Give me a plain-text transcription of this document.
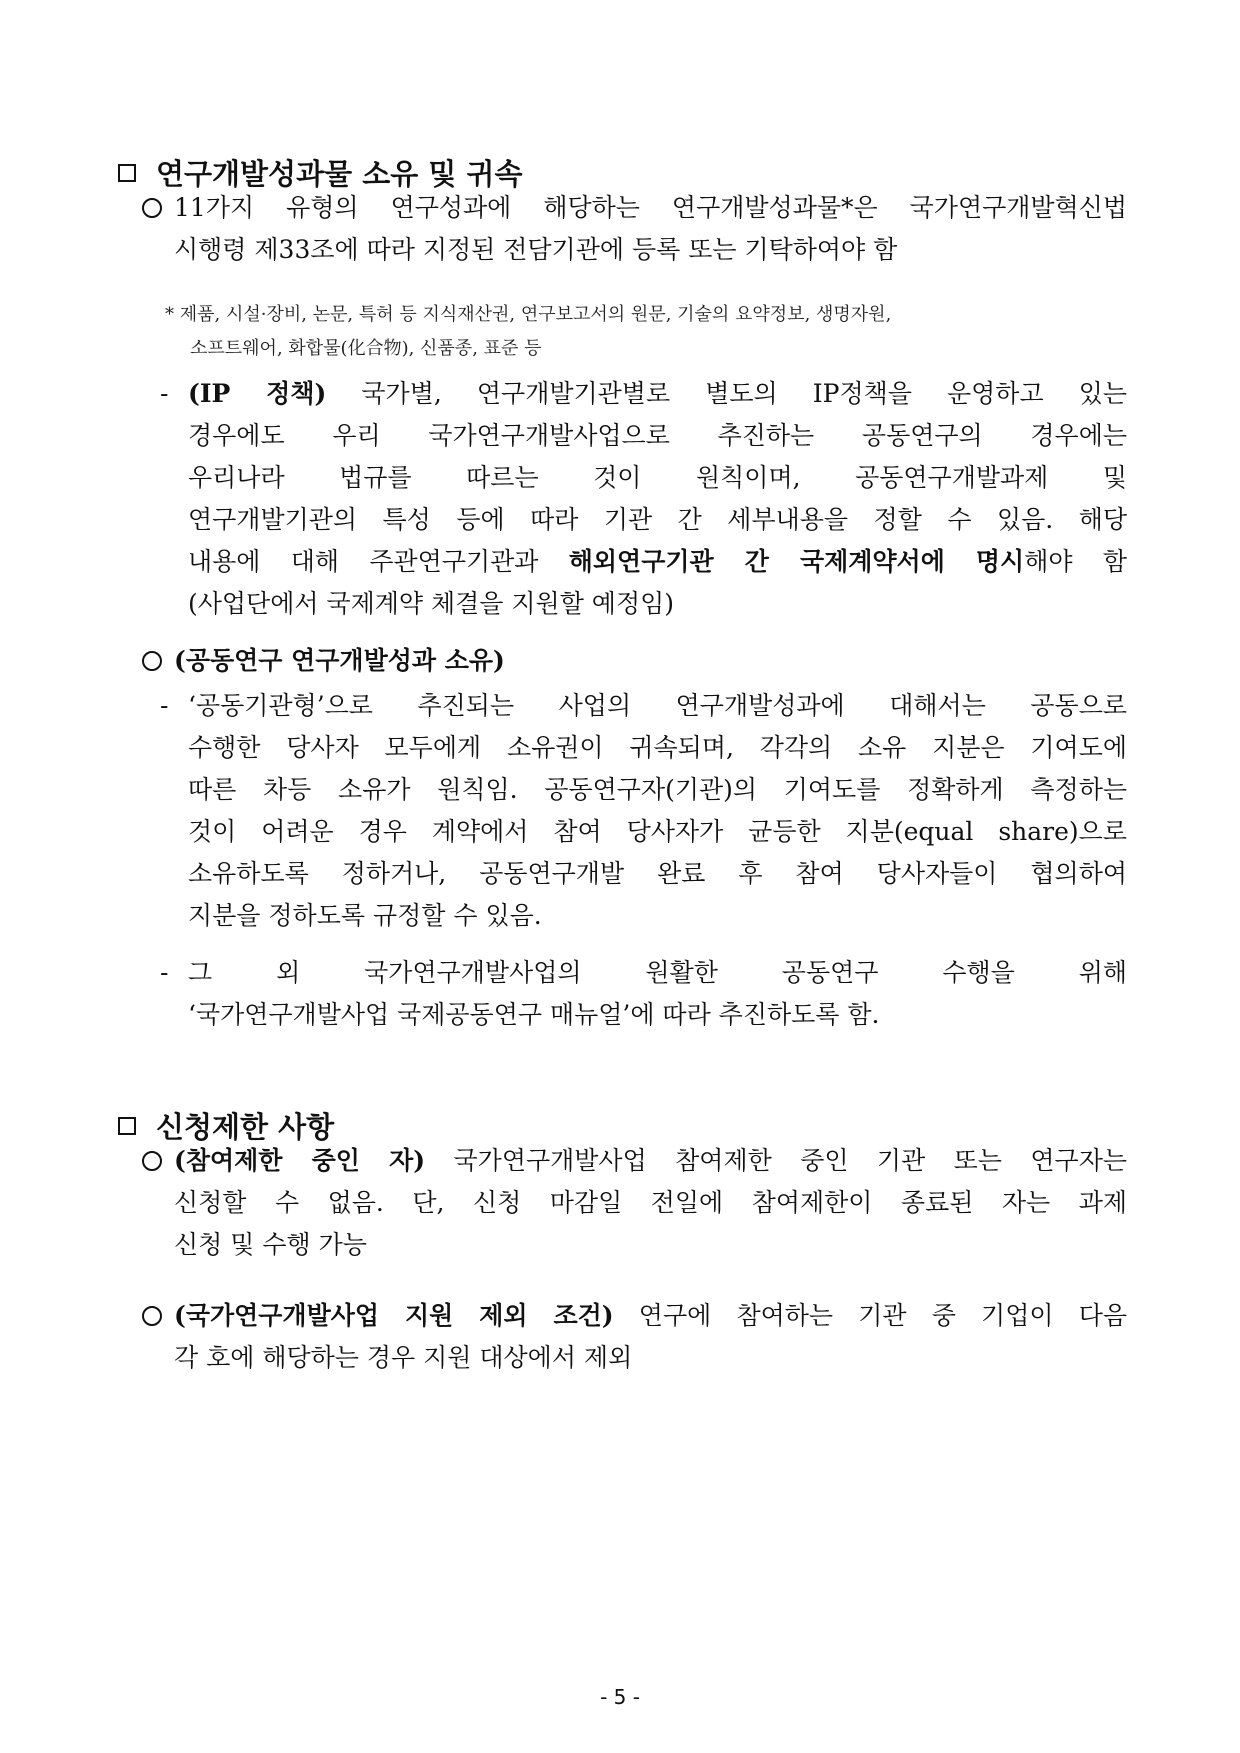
연구개발성과물 소유 및 귀속
11가지 유형의 연구성과에 해당하는 연구개발성과물*은 국가연구개발혁신법
시행령 제33조에 따라 지정된 전담기관에 등록 또는 기탁하여야 함
* 제품, 시설·장비, 논문, 특허 등 지식재산권, 연구보고서의 원문, 기술의 요약정보, 생명자원,
소프트웨어, 화합물(化合物), 신품종, 표준 등
- (IP 정책) 국가별, 연구개발기관별로 별도의 IP정책을 운영하고 있는
경우에도 우리 국가연구개발사업으로 추진하는 공동연구의 경우에는
우리나라 법규를 따르는 것이 원칙이며, 공동연구개발과제 및
연구개발기관의 특성 등에 따라 기관 간 세부내용을 정할 수 있음. 해당
내용에 대해 주관연구기관과 해외연구기관 간 국제계약서에 명시해야 함
(사업단에서 국제계약 체결을 지원할 예정임)
(공동연구 연구개발성과 소유)
- ‘공동기관형’으로 추진되는 사업의 연구개발성과에 대해서는 공동으로
수행한 당사자 모두에게 소유권이 귀속되며, 각각의 소유 지분은 기여도에
따른 차등 소유가 원칙임. 공동연구자(기관)의 기여도를 정확하게 측정하는
것이 어려운 경우 계약에서 참여 당사자가 균등한 지분(equal share)으로
소유하도록 정하거나, 공동연구개발 완료 후 참여 당사자들이 협의하여
지분을 정하도록 규정할 수 있음.
- 그 외 국가연구개발사업의 원활한 공동연구 수행을 위해
‘국가연구개발사업 국제공동연구 매뉴얼’에 따라 추진하도록 함.
신청제한 사항
(참여제한 중인 자) 국가연구개발사업 참여제한 중인 기관 또는 연구자는
신청할 수 없음. 단, 신청 마감일 전일에 참여제한이 종료된 자는 과제
신청 및 수행 가능
(국가연구개발사업 지원 제외 조건) 연구에 참여하는 기관 중 기업이 다음
각 호에 해당하는 경우 지원 대상에서 제외
- 5 -
